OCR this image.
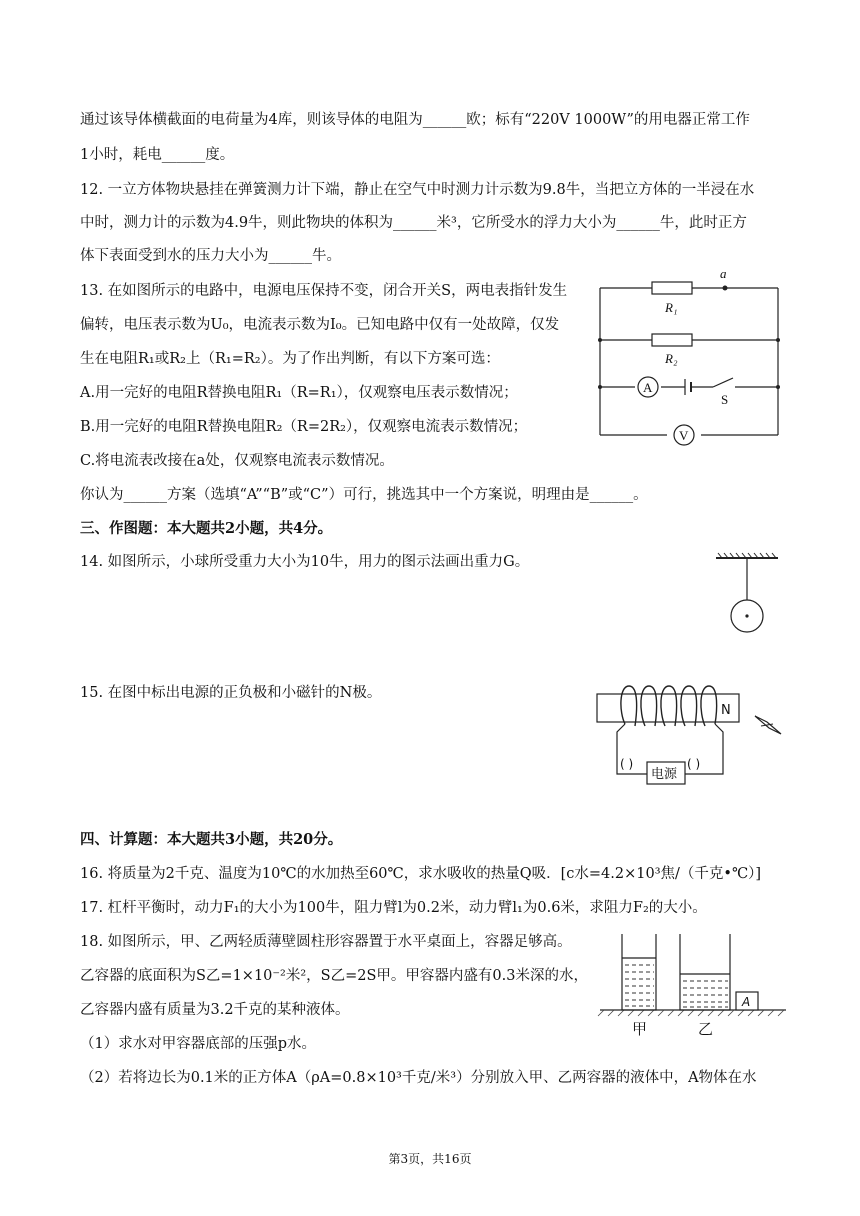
通过该导体横截面的电荷量为4库，则该导体的电阻为______欧；标有“220V 1000W”的用电器正常工作
1小时，耗电______度。
12. 一立方体物块悬挂在弹簧测力计下端，静止在空气中时测力计示数为9.8牛，当把立方体的一半浸在水
中时，测力计的示数为4.9牛，则此物块的体积为______米³，它所受水的浮力大小为______牛，此时正方
体下表面受到水的压力大小为______牛。
13. 在如图所示的电路中，电源电压保持不变，闭合开关S，两电表指针发生
偏转，电压表示数为U₀，电流表示数为I₀。已知电路中仅有一处故障，仅发
生在电阻R₁或R₂上（R₁=R₂）。为了作出判断，有以下方案可选：
A.用一完好的电阻R替换电阻R₁（R=R₁），仅观察电压表示数情况；
B.用一完好的电阻R替换电阻R₂（R=2R₂），仅观察电流表示数情况；
C.将电流表改接在a处，仅观察电流表示数情况。
你认为______方案（选填“A”“B”或“C”）可行，挑选其中一个方案说，明理由是______。
三、作图题：本大题共2小题，共4分。
14. 如图所示，小球所受重力大小为10牛，用力的图示法画出重力G。
15. 在图中标出电源的正负极和小磁针的N极。
四、计算题：本大题共3小题，共20分。
16. 将质量为2千克、温度为10℃的水加热至60℃，求水吸收的热量Q吸．[c水=4.2×10³焦/（千克•℃）]
17. 杠杆平衡时，动力F₁的大小为100牛，阻力臂l为0.2米，动力臂l₁为0.6米，求阻力F₂的大小。
18. 如图所示，甲、乙两轻质薄壁圆柱形容器置于水平桌面上，容器足够高。
乙容器的底面积为S乙=1×10⁻²米²，S乙=2S甲。甲容器内盛有0.3米深的水，
乙容器内盛有质量为3.2千克的某种液体。
（1）求水对甲容器底部的压强p水。
（2）若将边长为0.1米的正方体A（ρA=0.8×10³千克/米³）分别放入甲、乙两容器的液体中，A物体在水
R₁
a
R₂
A
S
V
N
( )
电源
( )
A
甲	乙
第3页，共16页
